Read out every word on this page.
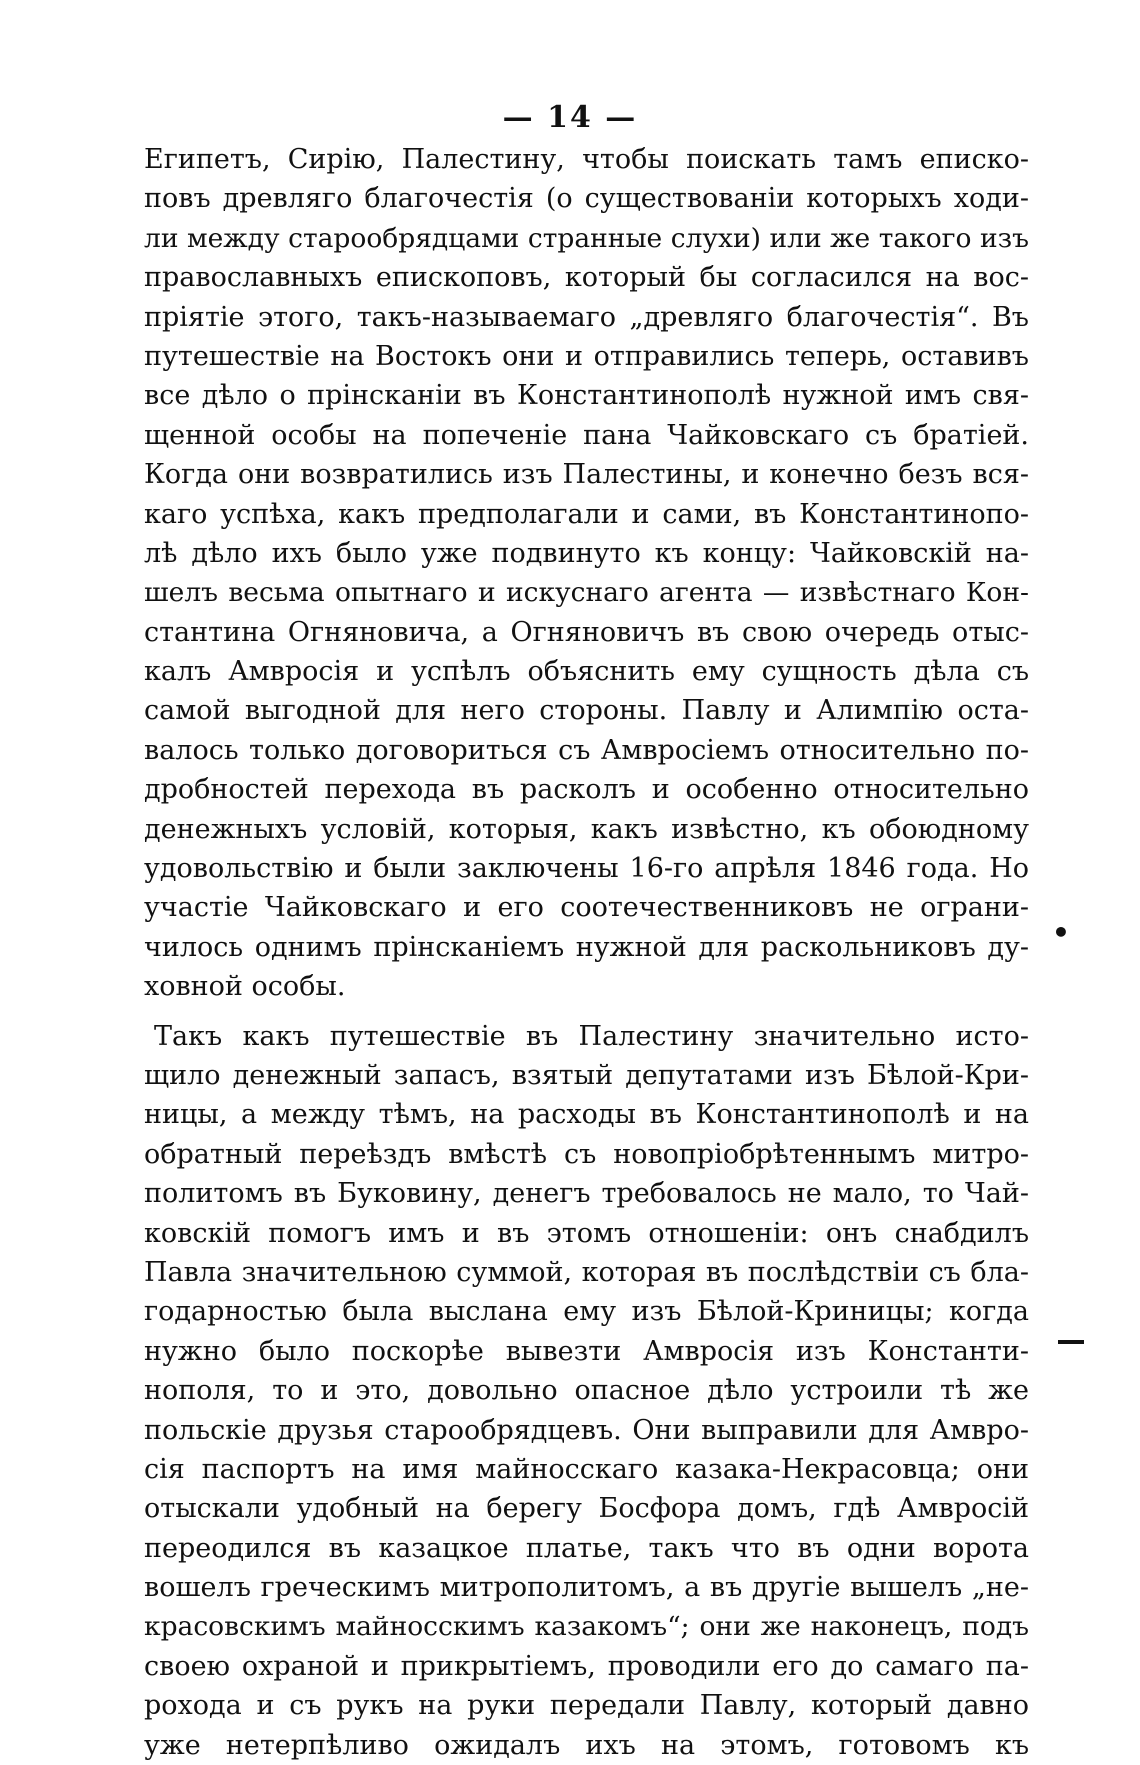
— 14 —
Египетъ, Сирію, Палестину, чтобы поискать тамъ еписко-
повъ древляго благочестія (о существованіи которыхъ ходи-
ли между старообрядцами странные слухи) или же такого изъ
православныхъ епископовъ, который бы согласился на вос-
пріятіе этого, такъ-называемаго „древляго благочестія“. Въ
путешествіе на Востокъ они и отправились теперь, оставивъ
все дѣло о прінсканіи въ Константинополѣ нужной имъ свя-
щенной особы на попеченіе пана Чайковскаго съ братіей.
Когда они возвратились изъ Палестины, и конечно безъ вся-
каго успѣха, какъ предполагали и сами, въ Константинопо-
лѣ дѣло ихъ было уже подвинуто къ концу: Чайковскій на-
шелъ весьма опытнаго и искуснаго агента — извѣстнаго Кон-
стантина Огняновича, а Огняновичъ въ свою очередь отыс-
калъ Амвросія и успѣлъ объяснить ему сущность дѣла съ
самой выгодной для него стороны. Павлу и Алимпію оста-
валось только договориться съ Амвросіемъ относительно по-
дробностей перехода въ расколъ и особенно относительно
денежныхъ условій, которыя, какъ извѣстно, къ обоюдному
удовольствію и были заключены 16-го апрѣля 1846 года. Но
участіе Чайковскаго и его соотечественниковъ не ограни-
чилось однимъ прінсканіемъ нужной для раскольниковъ ду-
ховной особы.
Такъ какъ путешествіе въ Палестину значительно исто-
щило денежный запасъ, взятый депутатами изъ Бѣлой-Кри-
ницы, а между тѣмъ, на расходы въ Константинополѣ и на
обратный переѣздъ вмѣстѣ съ новопріобрѣтеннымъ митро-
политомъ въ Буковину, денегъ требовалось не мало, то Чай-
ковскій помогъ имъ и въ этомъ отношеніи: онъ снабдилъ
Павла значительною суммой, которая въ послѣдствіи съ бла-
годарностью была выслана ему изъ Бѣлой-Криницы; когда
нужно было поскорѣе вывезти Амвросія изъ Константи-
нополя, то и это, довольно опасное дѣло устроили тѣ же
польскіе друзья старообрядцевъ. Они выправили для Амвро-
сія паспортъ на имя майносскаго казака-Некрасовца; они
отыскали удобный на берегу Босфора домъ, гдѣ Амвросій
переодился въ казацкое платье, такъ что въ одни ворота
вошелъ греческимъ митрополитомъ, а въ другіе вышелъ „не-
красовскимъ майносскимъ казакомъ“; они же наконецъ, подъ
своею охраной и прикрытіемъ, проводили его до самаго па-
рохода и съ рукъ на руки передали Павлу, который давно
уже нетерпѣливо ожидалъ ихъ на этомъ, готовомъ къ
•
